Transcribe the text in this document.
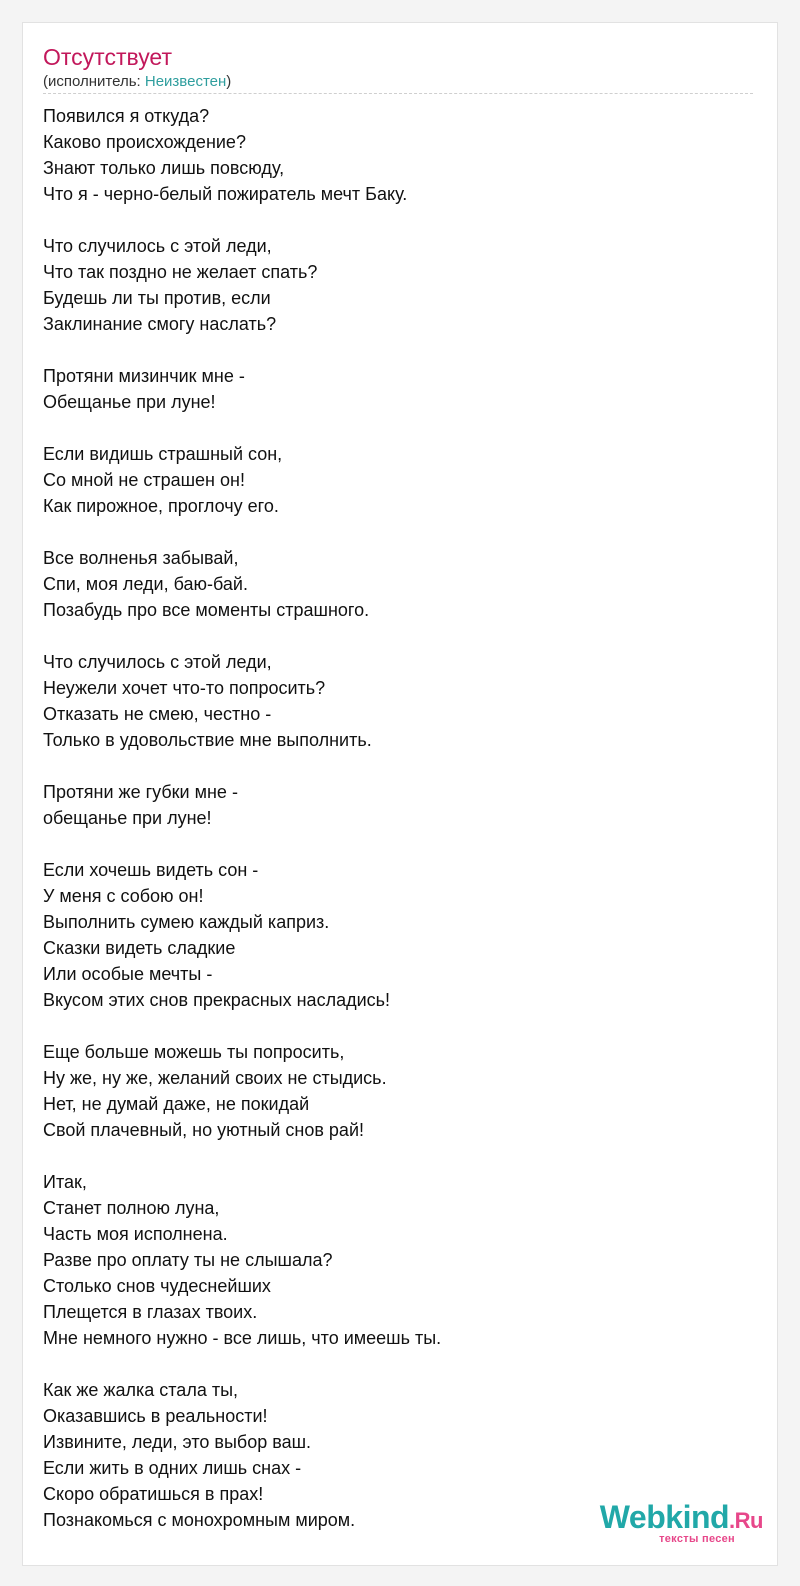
Отсутствует
(исполнитель: Неизвестен)
Появился я откуда?
Каково происхождение?
Знают только лишь повсюду,
Что я - черно-белый пожиратель мечт Баку.
Что случилось с этой леди,
Что так поздно не желает спать?
Будешь ли ты против, если
Заклинание смогу наслать?
Протяни мизинчик мне -
Обещанье при луне!
Если видишь страшный сон,
Со мной не страшен он!
Как пирожное, проглочу его.
Все волненья забывай,
Спи, моя леди, баю-бай.
Позабудь про все моменты страшного.
Что случилось с этой леди,
Неужели хочет что-то попросить?
Отказать не смею, честно -
Только в удовольствие мне выполнить.
Протяни же губки мне -
обещанье при луне!
Если хочешь видеть сон -
У меня с собою он!
Выполнить сумею каждый каприз.
Сказки видеть сладкие
Или особые мечты -
Вкусом этих снов прекрасных насладись!
Еще больше можешь ты попросить,
Ну же, ну же, желаний своих не стыдись.
Нет, не думай даже, не покидай
Свой плачевный, но уютный снов рай!
Итак,
Станет полною луна,
Часть моя исполнена.
Разве про оплату ты не слышала?
Столько снов чудеснейших
Плещется в глазах твоих.
Мне немного нужно - все лишь, что имеешь ты.
Как же жалка стала ты,
Оказавшись в реальности!
Извините, леди, это выбор ваш.
Если жить в одних лишь снах -
Скоро обратишься в прах!
Познакомься с монохромным миром.	Webkind.Ru
тексты песен
